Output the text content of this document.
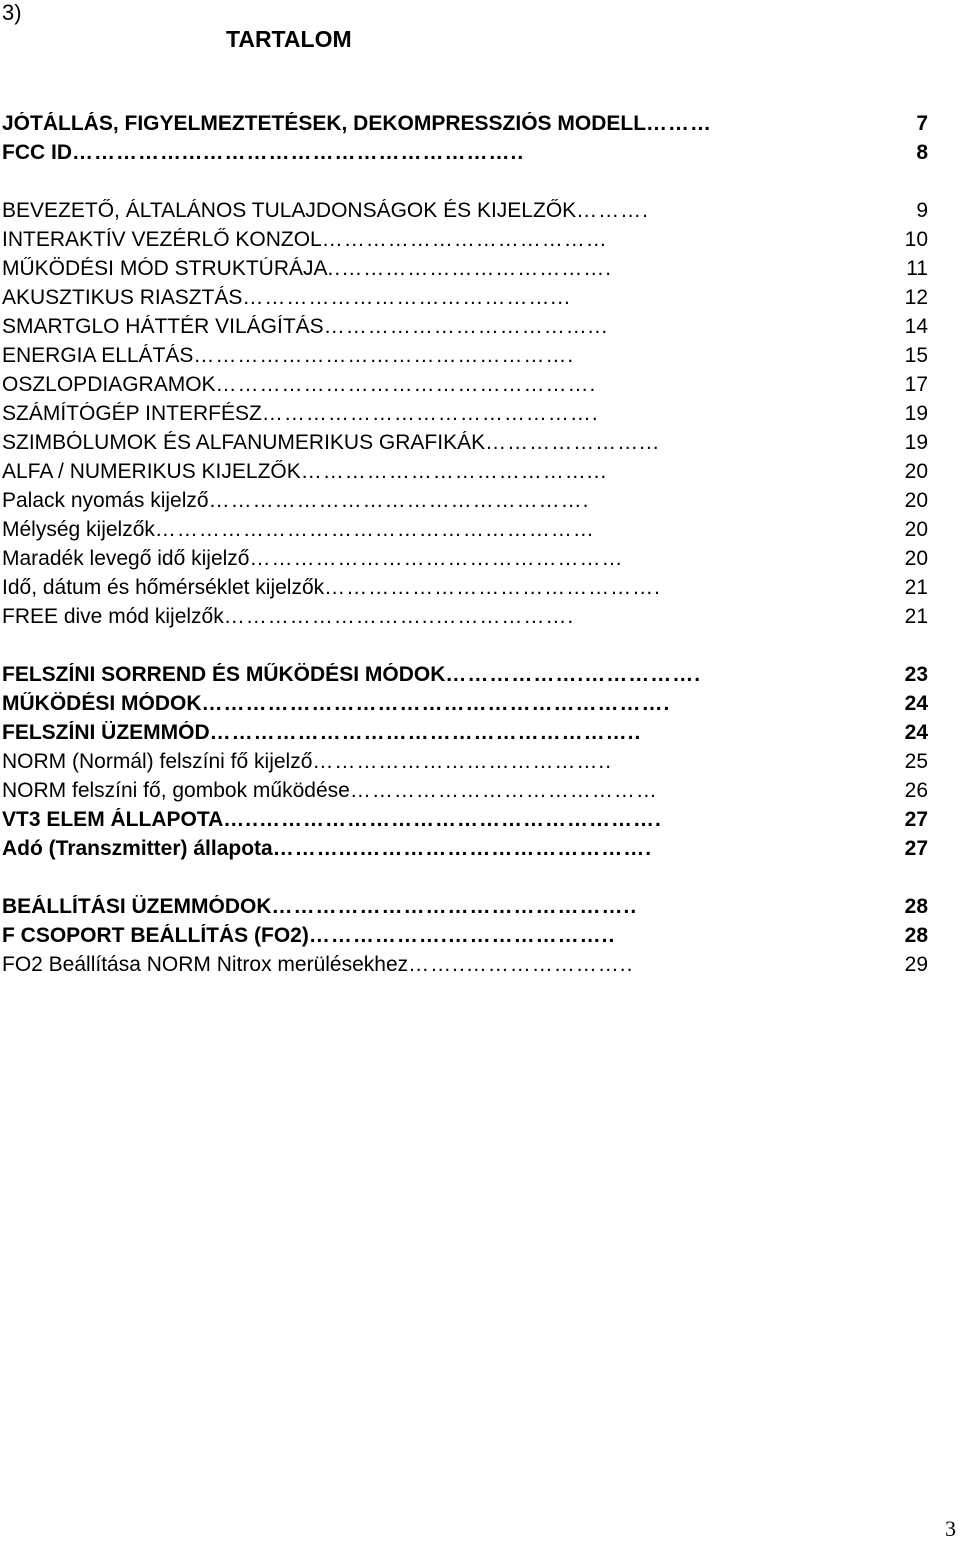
3)
TARTALOM
JÓTÁLLÁS, FIGYELMEZTETÉSEK, DEKOMPRESSZIÓS MODELL ………	7
FCC ID ……………...……………………………………..	8
BEVEZETŐ, ÁLTALÁNOS TULAJDONSÁGOK ÉS KIJELZŐK ……….	9
INTERAKTÍV VEZÉRLŐ KONZOL …………………………………	10
MŰKÖDÉSI MÓD STRUKTÚRÁJA ..……………………………….	11
AKUSZTIKUS RIASZTÁS ……………………………………...	12
SMARTGLO HÁTTÉR VILÁGÍTÁS ………………………………...	14
ENERGIA ELLÁTÁS …………………………………………….	15
OSZLOPDIAGRAMOK …………………………………………….	17
SZÁMÍTÓGÉP INTERFÉSZ ……………………………………….	19
SZIMBÓLUMOK ÉS ALFANUMERIKUS GRAFIKÁK …………………...	19
ALFA / NUMERIKUS KIJELZŐK …………………………………...	20
Palack nyomás kijelző …………………………………………….	20
Mélység kijelzők ……………………………………………………	20
Maradék levegő idő kijelző ……………………………………………	20
Idő, dátum és hőmérséklet kijelzők ……………………………………….	21
FREE dive mód kijelzők ………………………..……………….	21
FELSZÍNI SORREND ÉS MŰKÖDÉSI MÓDOK ……………….…………….	23
MŰKÖDÉSI MÓDOK ……………………………………………………….	24
FELSZÍNI ÜZEMMÓD …………………………………………………..	24
NORM (Normál) felszíni fő kijelző …………………………………..	25
NORM felszíni fő, gombok működése ……………………………………	26
VT3 ELEM ÁLLAPOTA …..……………………………………………….	27
Adó (Transzmitter) állapota ………...………………………………….	27
BEÁLLÍTÁSI ÜZEMMÓDOK …………………………………………..	28
F CSOPORT BEÁLLÍTÁS (FO2) ……………….…………………..	28
FO2 Beállítása NORM Nitrox merülésekhez ……..…………………..	29
3
